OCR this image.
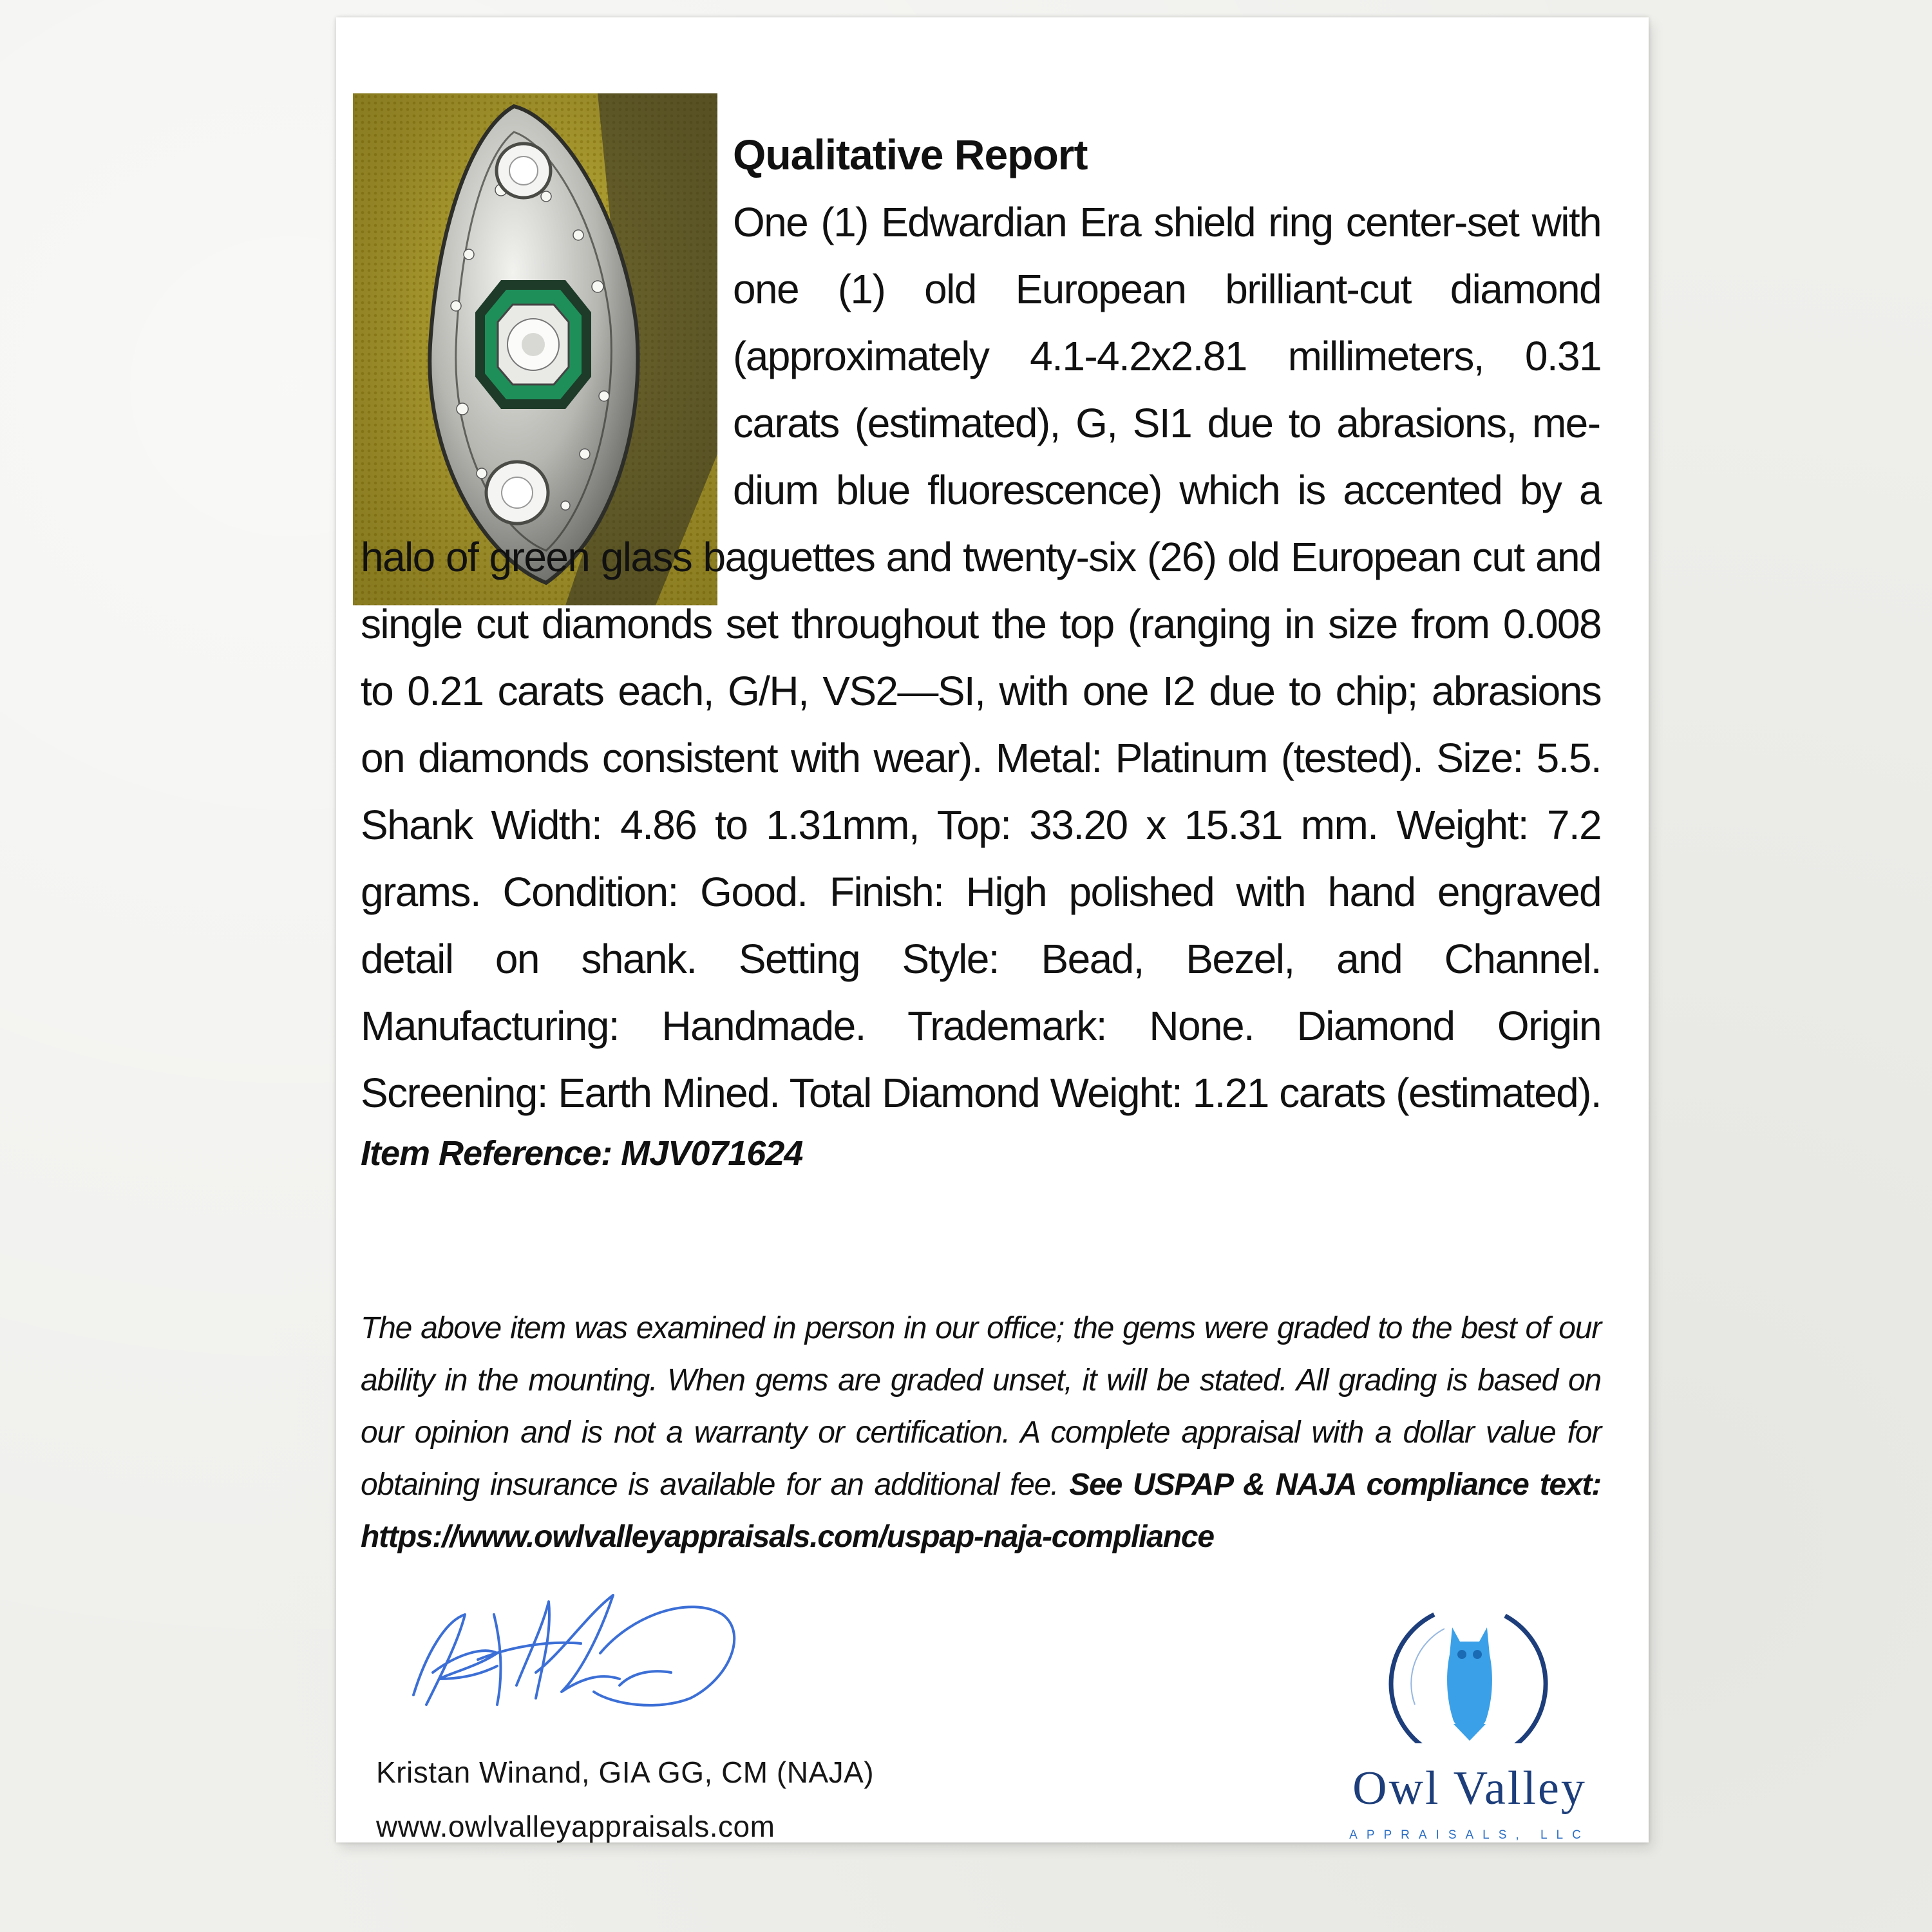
Qualitative Report

One (1) Edwardian Era shield ring center-set with one (1) old European brilliant-cut diamond (approximately 4.1-4.2x2.81 millimeters, 0.31 carats (estimated), G, SI1 due to abrasions, medium blue fluorescence) which is accented by a halo of green glass baguettes and twenty-six (26) old European cut and single cut diamonds set throughout the top (ranging in size from 0.008 to 0.21 carats each, G/H, VS2—SI, with one I2 due to chip; abrasions on diamonds consistent with wear). Metal: Platinum (tested). Size: 5.5. Shank Width: 4.86 to 1.31mm, Top: 33.20 x 15.31 mm. Weight: 7.2 grams. Condition: Good. Finish: High polished with hand engraved detail on shank. Setting Style: Bead, Bezel, and Channel. Manufacturing: Handmade. Trademark: None. Diamond Origin Screening: Earth Mined. Total Diamond Weight: 1.21 carats (estimated).

Item Reference: MJV071624

The above item was examined in person in our office; the gems were graded to the best of our ability in the mounting. When gems are graded unset, it will be stated. All grading is based on our opinion and is not a warranty or certification. A complete appraisal with a dollar value for obtaining insurance is available for an additional fee. See USPAP & NAJA compliance text: https://www.owlvalleyappraisals.com/uspap-naja-compliance

Kristan Winand, GIA GG, CM (NAJA)
www.owlvalleyappraisals.com
Owl Valley
APPRAISALS, LLC
